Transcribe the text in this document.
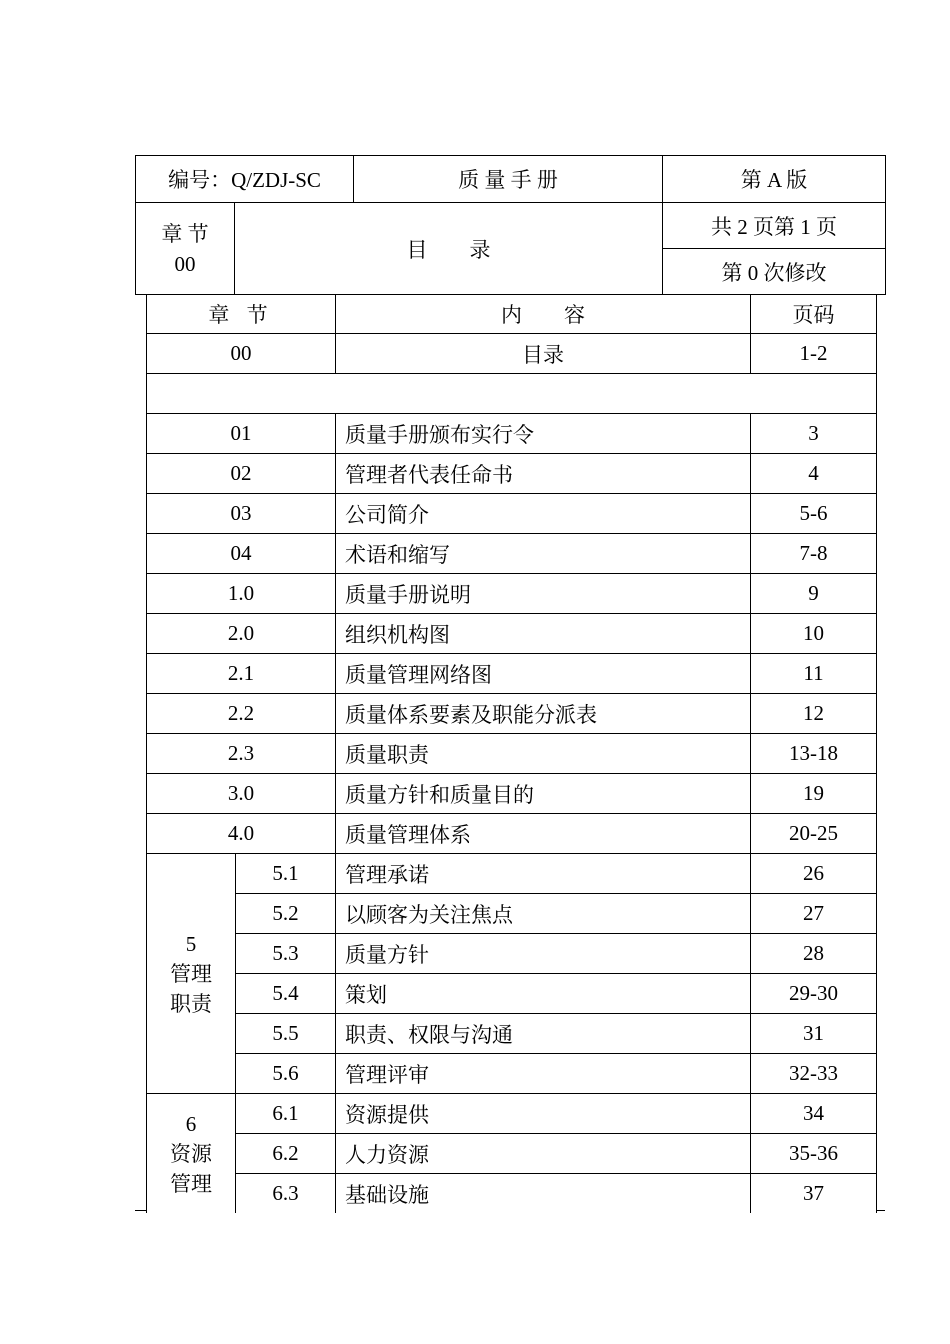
编号：Q/ZDJ-SC		质 量 手 册	第 A 版

章 节
00	目　　录		共 2 页第 1 页
			第 0 次修改
章 节		内　　容	页码
00		目录	1-2

01		质量手册颁布实行令	3
02		管理者代表任命书	4
03		公司简介	5-6
04		术语和缩写	7-8
1.0		质量手册说明	9
2.0		组织机构图	10
2.1		质量管理网络图	11
2.2		质量体系要素及职能分派表	12
2.3		质量职责	13-18
3.0		质量方针和质量目的	19
4.0		质量管理体系	20-25

5
管理
职责	5.1	管理承诺	26
	5.2	以顾客为关注焦点	27
	5.3	质量方针	28
	5.4	策划	29-30
	5.5	职责、权限与沟通	31
	5.6	管理评审	32-33

6
资源
管理	6.1	资源提供	34
	6.2	人力资源	35-36
	6.3	基础设施	37
